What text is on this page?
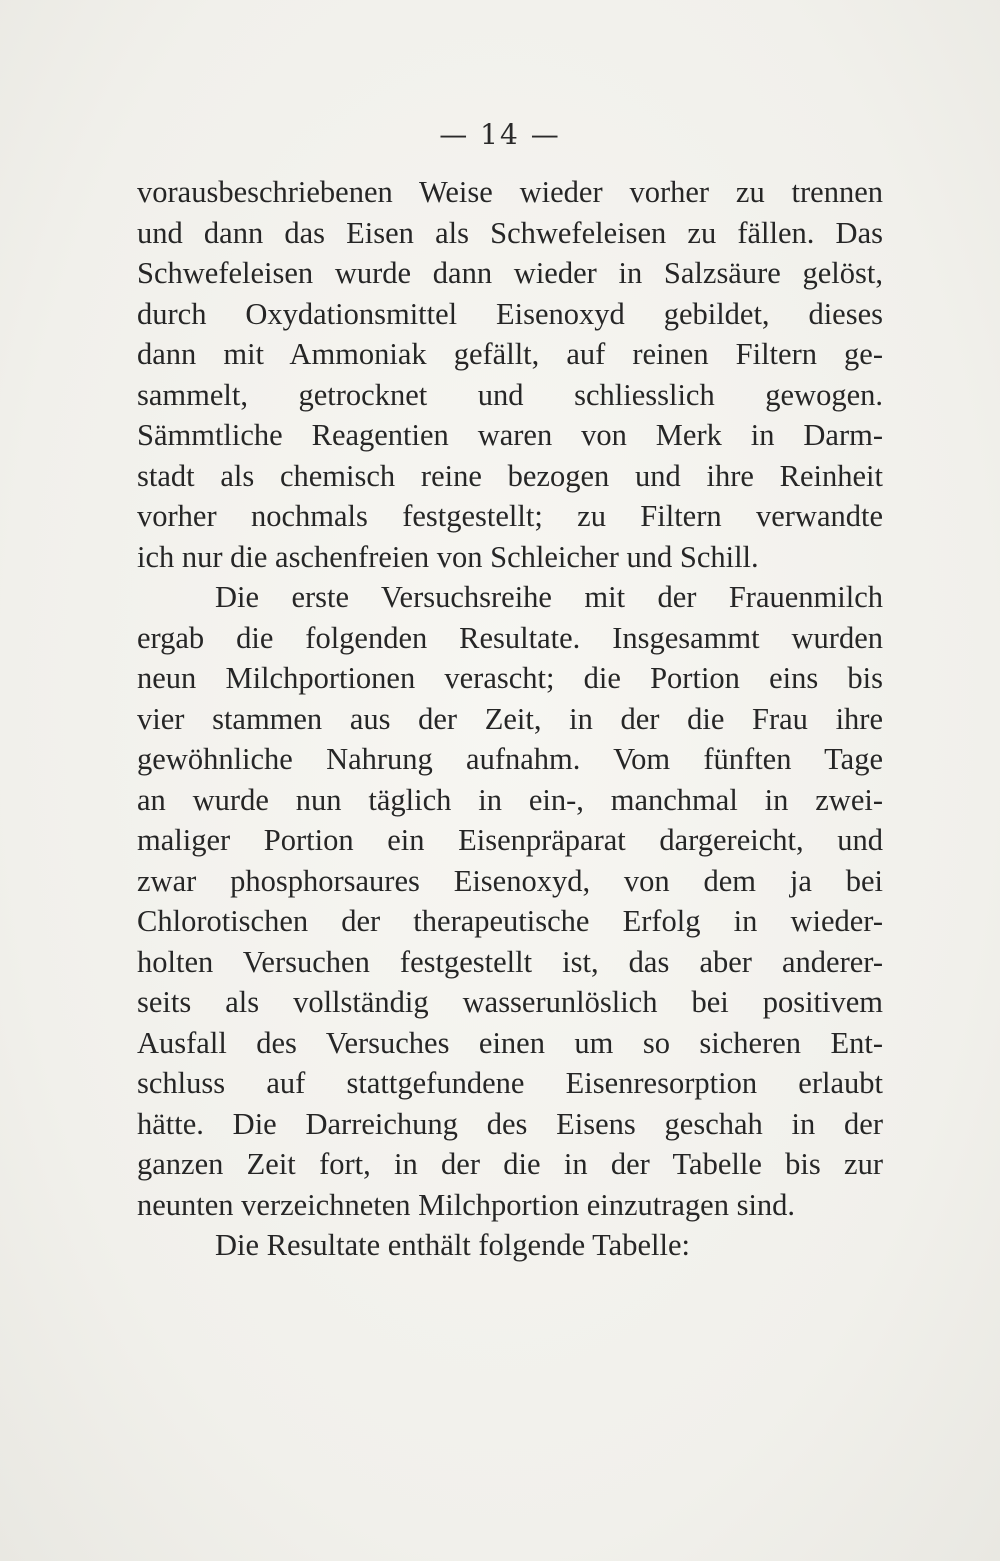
— 14 —
vorausbeschriebenen Weise wieder vorher zu trennen
und dann das Eisen als Schwefeleisen zu fällen. Das
Schwefeleisen wurde dann wieder in Salzsäure gelöst,
durch Oxydationsmittel Eisenoxyd gebildet, dieses
dann mit Ammoniak gefällt, auf reinen Filtern ge-
sammelt, getrocknet und schliesslich gewogen.
Sämmtliche Reagentien waren von Merk in Darm-
stadt als chemisch reine bezogen und ihre Reinheit
vorher nochmals festgestellt; zu Filtern verwandte
ich nur die aschenfreien von Schleicher und Schill.
Die erste Versuchsreihe mit der Frauenmilch
ergab die folgenden Resultate. Insgesammt wurden
neun Milchportionen verascht; die Portion eins bis
vier stammen aus der Zeit, in der die Frau ihre
gewöhnliche Nahrung aufnahm. Vom fünften Tage
an wurde nun täglich in ein-, manchmal in zwei-
maliger Portion ein Eisenpräparat dargereicht, und
zwar phosphorsaures Eisenoxyd, von dem ja bei
Chlorotischen der therapeutische Erfolg in wieder-
holten Versuchen festgestellt ist, das aber anderer-
seits als vollständig wasserunlöslich bei positivem
Ausfall des Versuches einen um so sicheren Ent-
schluss auf stattgefundene Eisenresorption erlaubt
hätte. Die Darreichung des Eisens geschah in der
ganzen Zeit fort, in der die in der Tabelle bis zur
neunten verzeichneten Milchportion einzutragen sind.
Die Resultate enthält folgende Tabelle:
